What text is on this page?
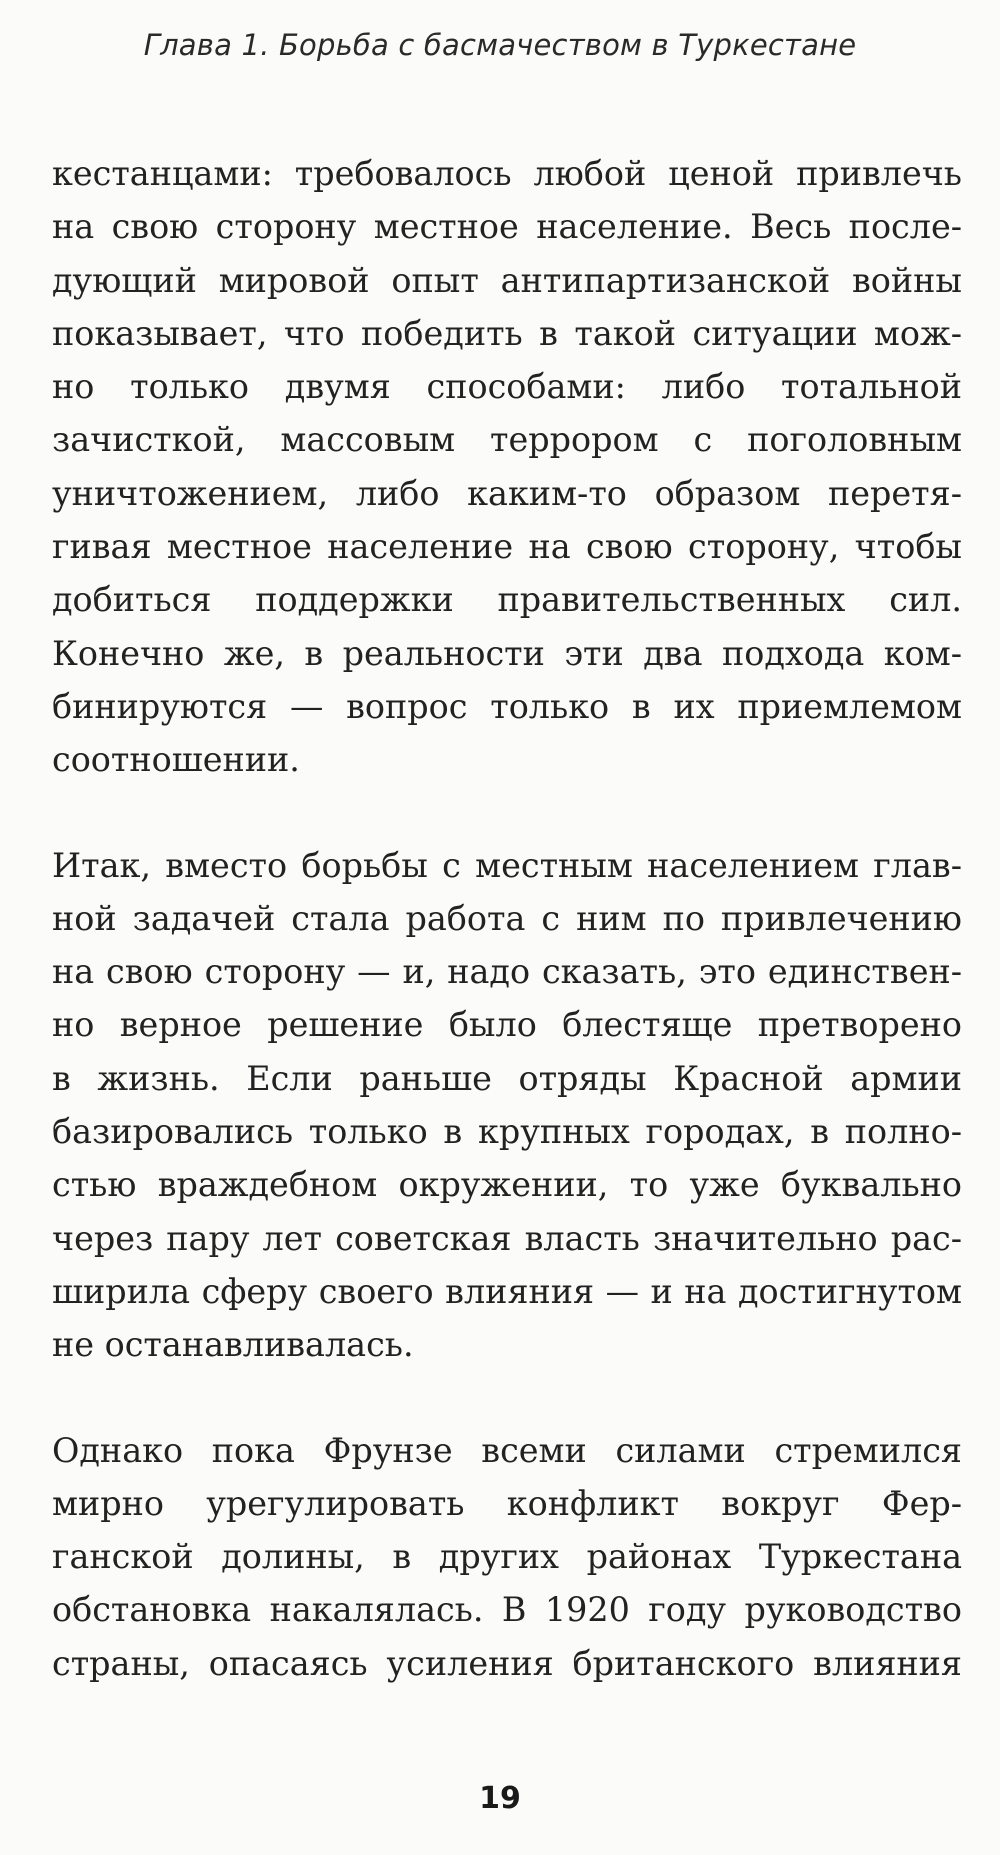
Глава 1. Борьба с басмачеством в Туркестане
кестанцами: требовалось любой ценой привлечь
на свою сторону местное население. Весь после-
дующий мировой опыт антипартизанской войны
показывает, что победить в такой ситуации мож-
но только двумя способами: либо тотальной
зачисткой, массовым террором с поголовным
уничтожением, либо каким-то образом перетя-
гивая местное население на свою сторону, чтобы
добиться поддержки правительственных сил.
Конечно же, в реальности эти два подхода ком-
бинируются — вопрос только в их приемлемом
соотношении.
Итак, вместо борьбы с местным населением глав-
ной задачей стала работа с ним по привлечению
на свою сторону — и, надо сказать, это единствен-
но верное решение было блестяще претворено
в жизнь. Если раньше отряды Красной армии
базировались только в крупных городах, в полно-
стью враждебном окружении, то уже буквально
через пару лет советская власть значительно рас-
ширила сферу своего влияния — и на достигнутом
не останавливалась.
Однако пока Фрунзе всеми силами стремился
мирно урегулировать конфликт вокруг Фер-
ганской долины, в других районах Туркестана
обстановка накалялась. В 1920 году руководство
страны, опасаясь усиления британского влияния
19
